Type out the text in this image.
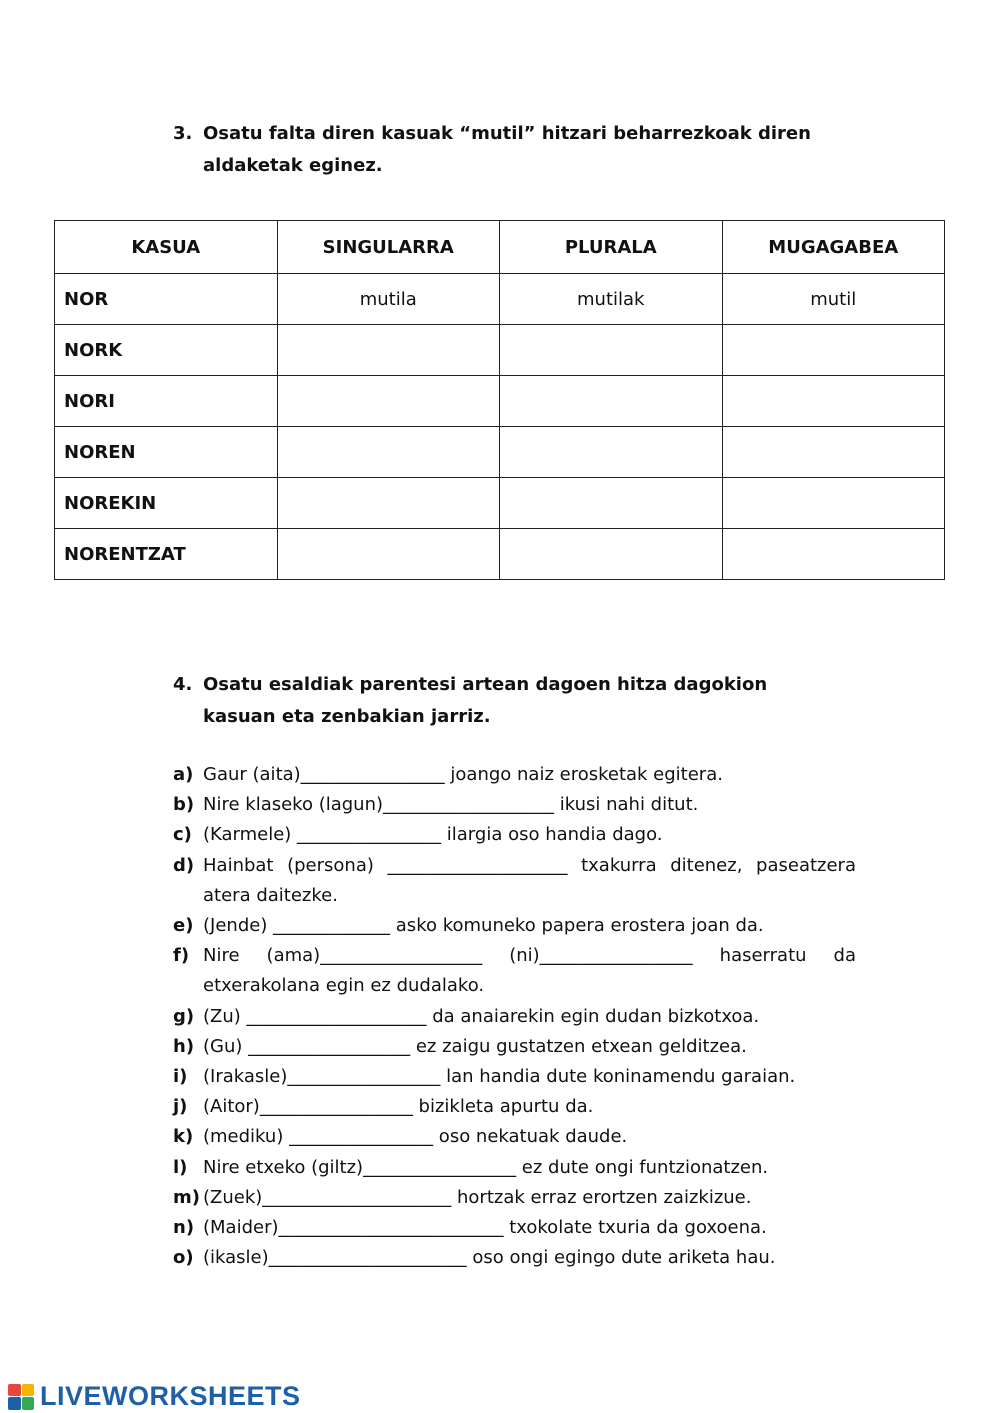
3. Osatu falta diren kasuak “mutil” hitzari beharrezkoak diren aldaketak eginez.
KASUA	SINGULARRA	PLURALA	MUGAGABEA
NOR	mutila	mutilak	mutil
NORK			
NORI			
NOREN			
NOREKIN			
NORENTZAT			
4. Osatu esaldiak parentesi artean dagoen hitza dagokion kasuan eta zenbakian jarriz.
a) Gaur (aita)________________ joango naiz erosketak egitera.
b) Nire klaseko (lagun)___________________ ikusi nahi ditut.
c) (Karmele) ________________ ilargia oso handia dago.
d) Hainbat (persona) ____________________ txakurra ditenez, paseatzera atera daitezke.
e) (Jende) _____________ asko komuneko papera erostera joan da.
f) Nire (ama)__________________ (ni)_________________ haserratu da etxerakolana egin ez dudalako.
g) (Zu) ____________________ da anaiarekin egin dudan bizkotxoa.
h) (Gu) __________________ ez zaigu gustatzen etxean gelditzea.
i) (Irakasle)_________________ lan handia dute koninamendu garaian.
j) (Aitor)_________________ bizikleta apurtu da.
k) (mediku) ________________ oso nekatuak daude.
l) Nire etxeko (giltz)_________________ ez dute ongi funtzionatzen.
m) (Zuek)_____________________ hortzak erraz erortzen zaizkizue.
n) (Maider)_________________________ txokolate txuria da goxoena.
o) (ikasle)______________________ oso ongi egingo dute ariketa hau.
LIVEWORKSHEETS
